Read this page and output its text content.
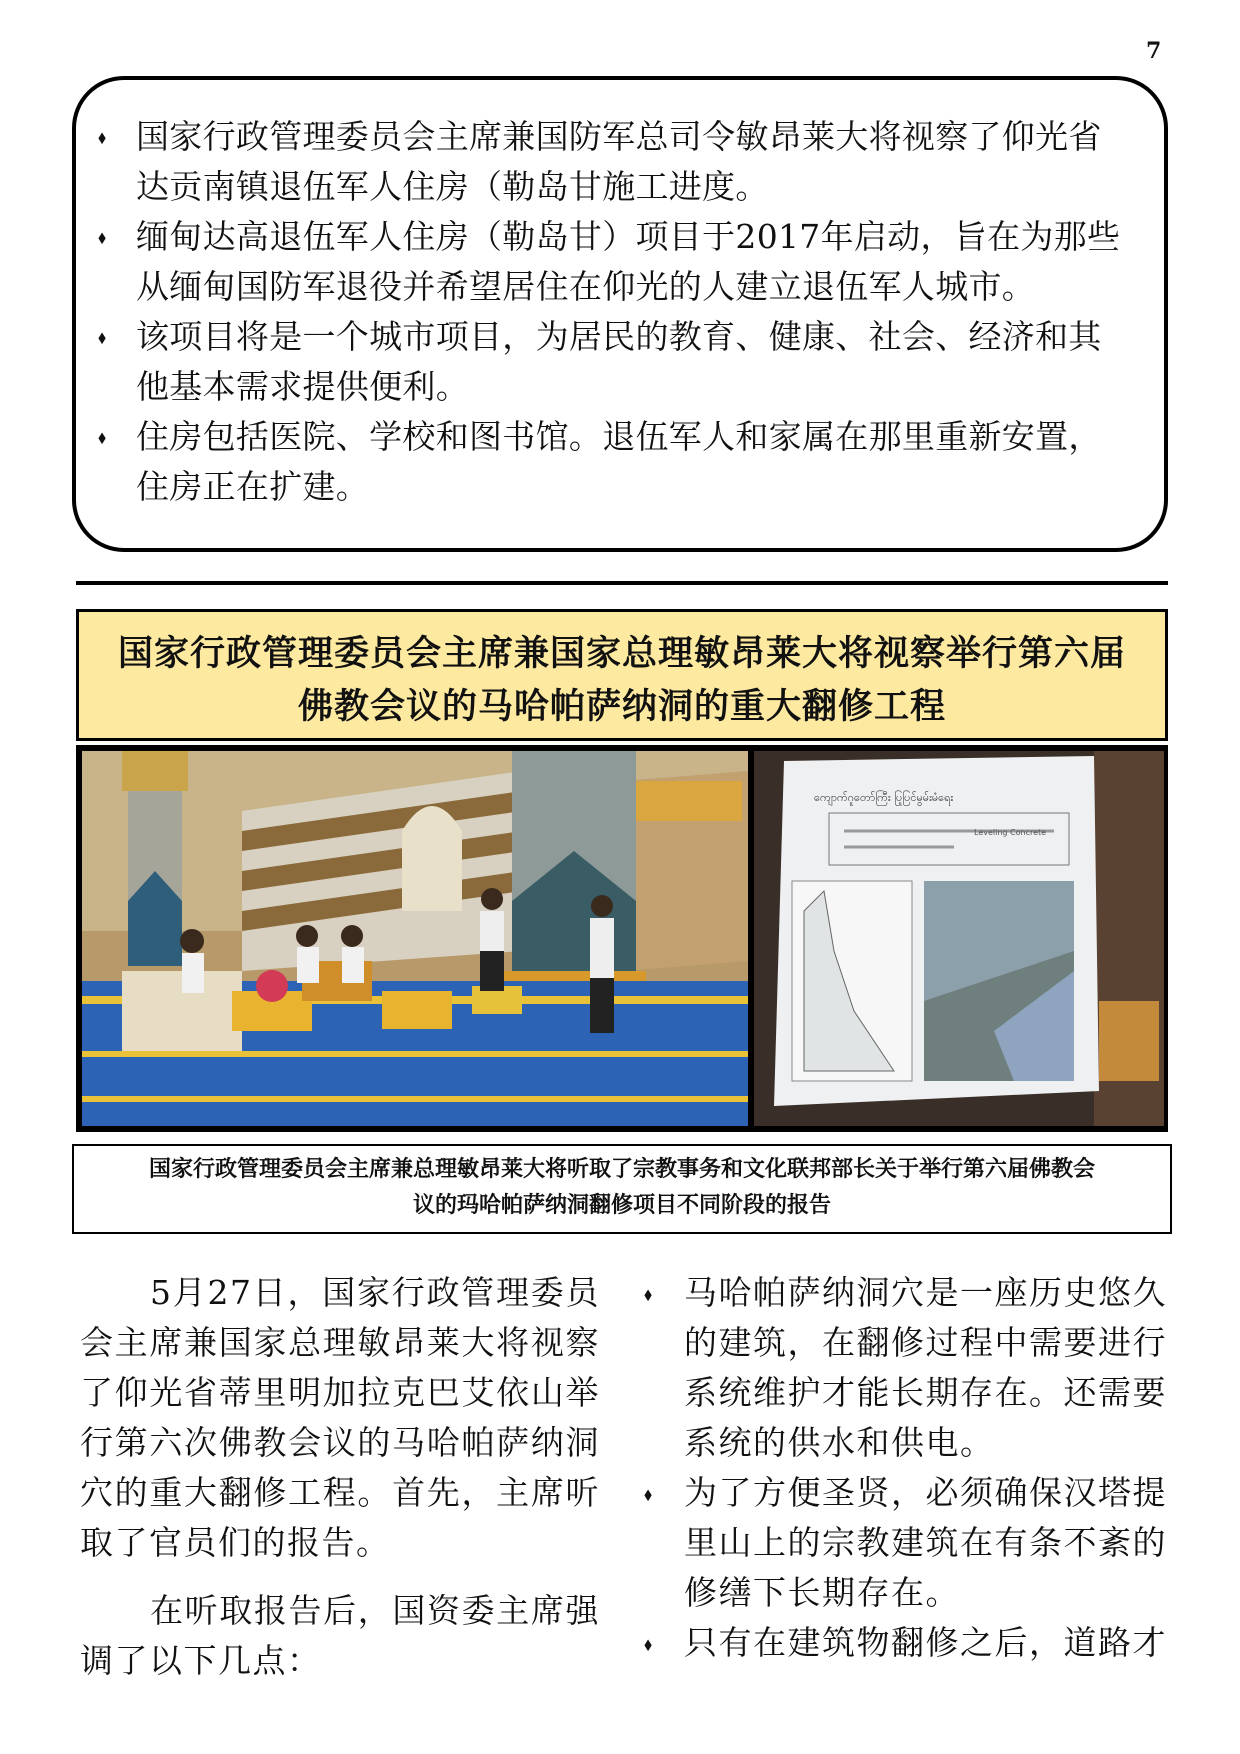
7
⬧ 国家行政管理委员会主席兼国防军总司令敏昂莱大将视察了仰光省达贡南镇退伍军人住房（勒岛甘施工进度。
⬧ 缅甸达高退伍军人住房（勒岛甘）项目于2017年启动，旨在为那些从缅甸国防军退役并希望居住在仰光的人建立退伍军人城市。
⬧ 该项目将是一个城市项目，为居民的教育、健康、社会、经济和其他基本需求提供便利。
⬧ 住房包括医院、学校和图书馆。退伍军人和家属在那里重新安置，住房正在扩建。
国家行政管理委员会主席兼国家总理敏昂莱大将视察举行第六届
佛教会议的马哈帕萨纳洞的重大翻修工程
ကျောက်ဂူတော်ကြီး ပြုပြင်မွမ်းမံရေး
Leveling Concrete
国家行政管理委员会主席兼总理敏昂莱大将听取了宗教事务和文化联邦部长关于举行第六届佛教会
议的玛哈帕萨纳洞翻修项目不同阶段的报告

5月27日，国家行政管理委员会主席兼国家总理敏昂莱大将视察了仰光省蒂里明加拉克巴艾依山举行第六次佛教会议的马哈帕萨纳洞穴的重大翻修工程。首先，主席听取了官员们的报告。

在听取报告后，国资委主席强调了以下几点：

⬧ 马哈帕萨纳洞穴是一座历史悠久的建筑，在翻修过程中需要进行系统维护才能长期存在。还需要系统的供水和供电。
⬧ 为了方便圣贤，必须确保汉塔提里山上的宗教建筑在有条不紊的修缮下长期存在。
⬧ 只有在建筑物翻修之后，道路才
